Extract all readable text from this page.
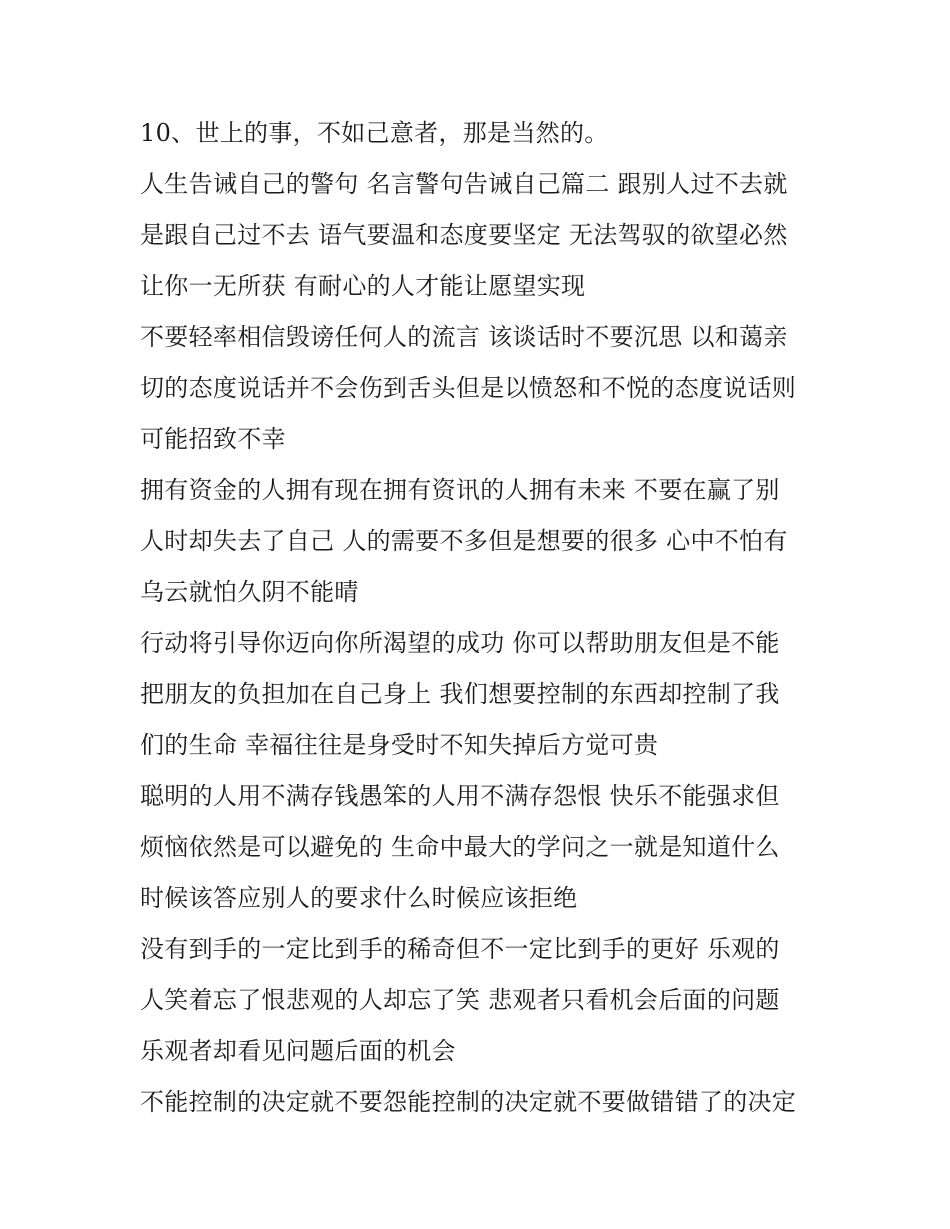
10、世上的事，不如己意者，那是当然的。
人生告诫自己的警句 名言警句告诫自己篇二 跟别人过不去就
是跟自己过不去 语气要温和态度要坚定 无法驾驭的欲望必然
让你一无所获 有耐心的人才能让愿望实现
不要轻率相信毁谤任何人的流言 该谈话时不要沉思 以和蔼亲
切的态度说话并不会伤到舌头但是以愤怒和不悦的态度说话则
可能招致不幸
拥有资金的人拥有现在拥有资讯的人拥有未来 不要在赢了别
人时却失去了自己 人的需要不多但是想要的很多 心中不怕有
乌云就怕久阴不能晴
行动将引导你迈向你所渴望的成功 你可以帮助朋友但是不能
把朋友的负担加在自己身上 我们想要控制的东西却控制了我
们的生命 幸福往往是身受时不知失掉后方觉可贵
聪明的人用不满存钱愚笨的人用不满存怨恨 快乐不能强求但
烦恼依然是可以避免的 生命中最大的学问之一就是知道什么
时候该答应别人的要求什么时候应该拒绝
没有到手的一定比到手的稀奇但不一定比到手的更好 乐观的
人笑着忘了恨悲观的人却忘了笑 悲观者只看机会后面的问题
乐观者却看见问题后面的机会
不能控制的决定就不要怨能控制的决定就不要做错错了的决定
